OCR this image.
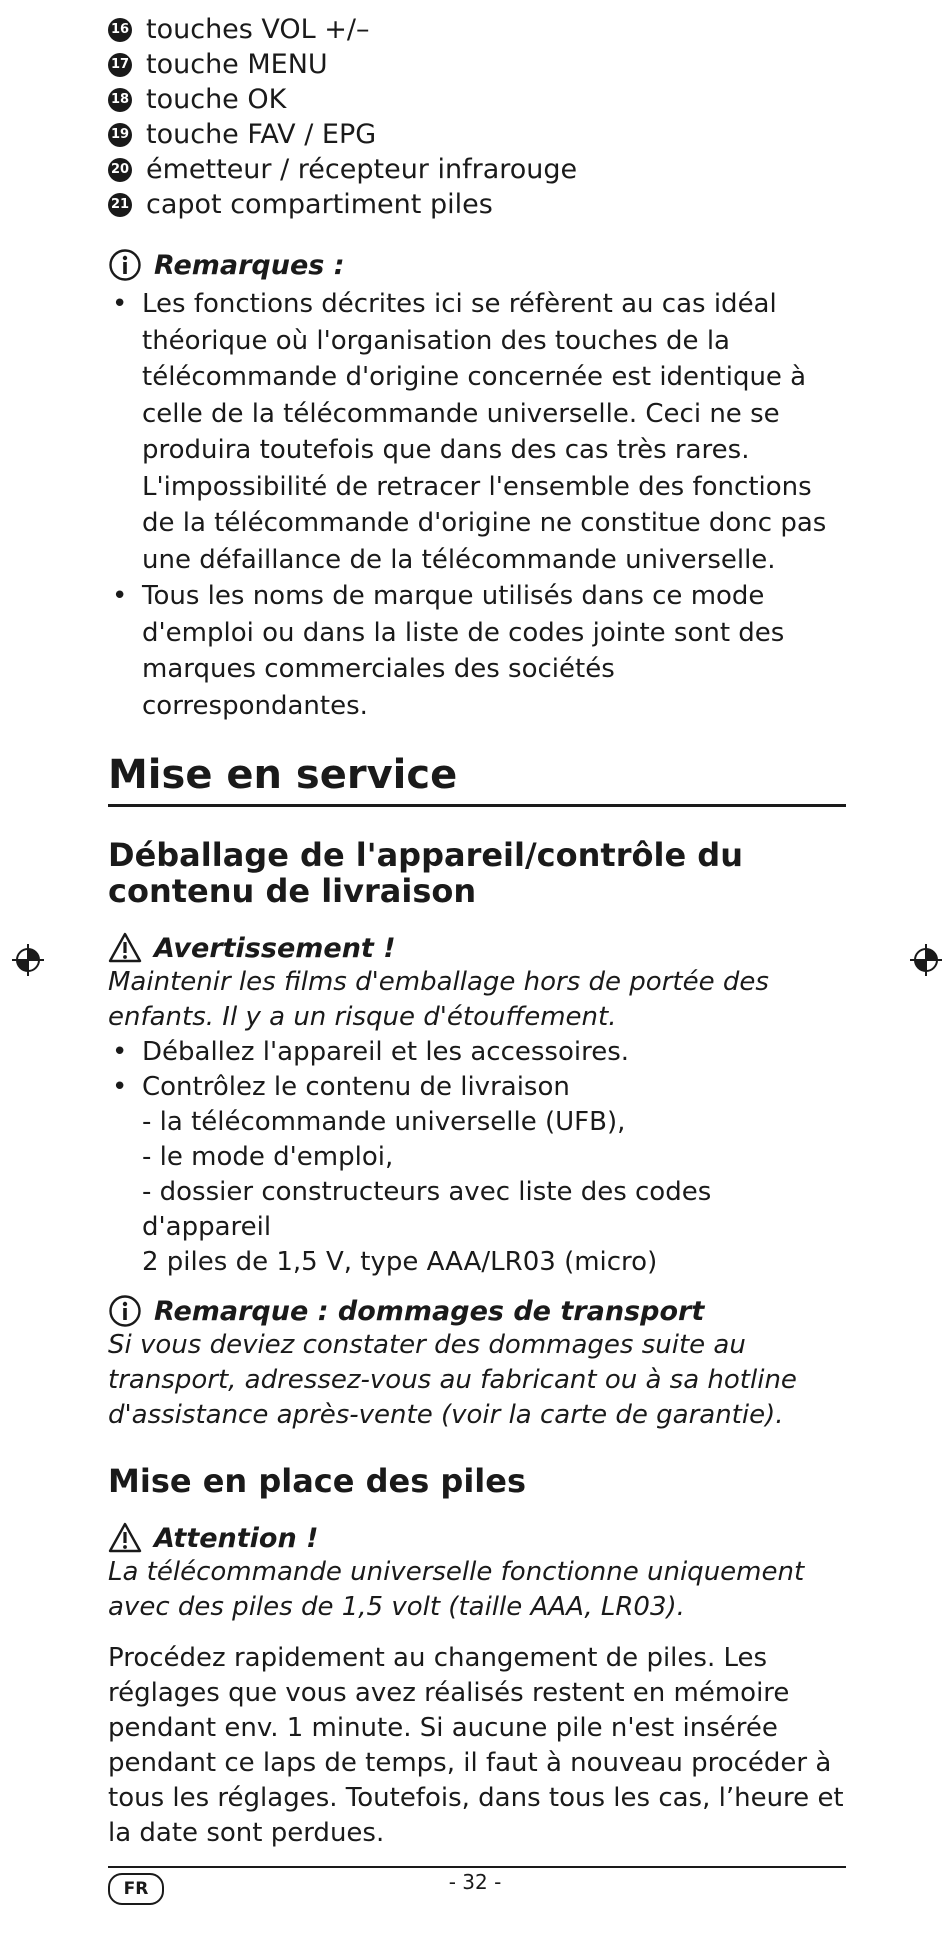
16 touches VOL +/–
17 touche MENU
18 touche OK
19 touche FAV / EPG
20 émetteur / récepteur infrarouge
21 capot compartiment piles
Remarques :
• Les fonctions décrites ici se réfèrent au cas idéal théorique où l'organisation des touches de la télécommande d'origine concernée est identique à celle de la télécommande universelle. Ceci ne se produira toutefois que dans des cas très rares. L'impossibilité de retracer l'ensemble des fonctions de la télécommande d'origine ne constitue donc pas une défaillance de la télécommande universelle.
• Tous les noms de marque utilisés dans ce mode d'emploi ou dans la liste de codes jointe sont des marques commerciales des sociétés correspondantes.
Mise en service
Déballage de l'appareil/contrôle du contenu de livraison
Avertissement !
Maintenir les films d'emballage hors de portée des enfants. Il y a un risque d'étouffement.
• Déballez l'appareil et les accessoires.
• Contrôlez le contenu de livraison
- la télécommande universelle (UFB),
- le mode d'emploi,
- dossier constructeurs avec liste des codes d'appareil
2 piles de 1,5 V, type AAA/LR03 (micro)
Remarque : dommages de transport
Si vous deviez constater des dommages suite au transport, adressez-vous au fabricant ou à sa hotline d'assistance après-vente (voir la carte de garantie).
Mise en place des piles
Attention !
La télécommande universelle fonctionne uniquement avec des piles de 1,5 volt (taille AAA, LR03).
Procédez rapidement au changement de piles. Les réglages que vous avez réalisés restent en mémoire pendant env. 1 minute. Si aucune pile n'est insérée pendant ce laps de temps, il faut à nouveau procéder à tous les réglages. Toutefois, dans tous les cas, l’heure et la date sont perdues.
FR	- 32 -
